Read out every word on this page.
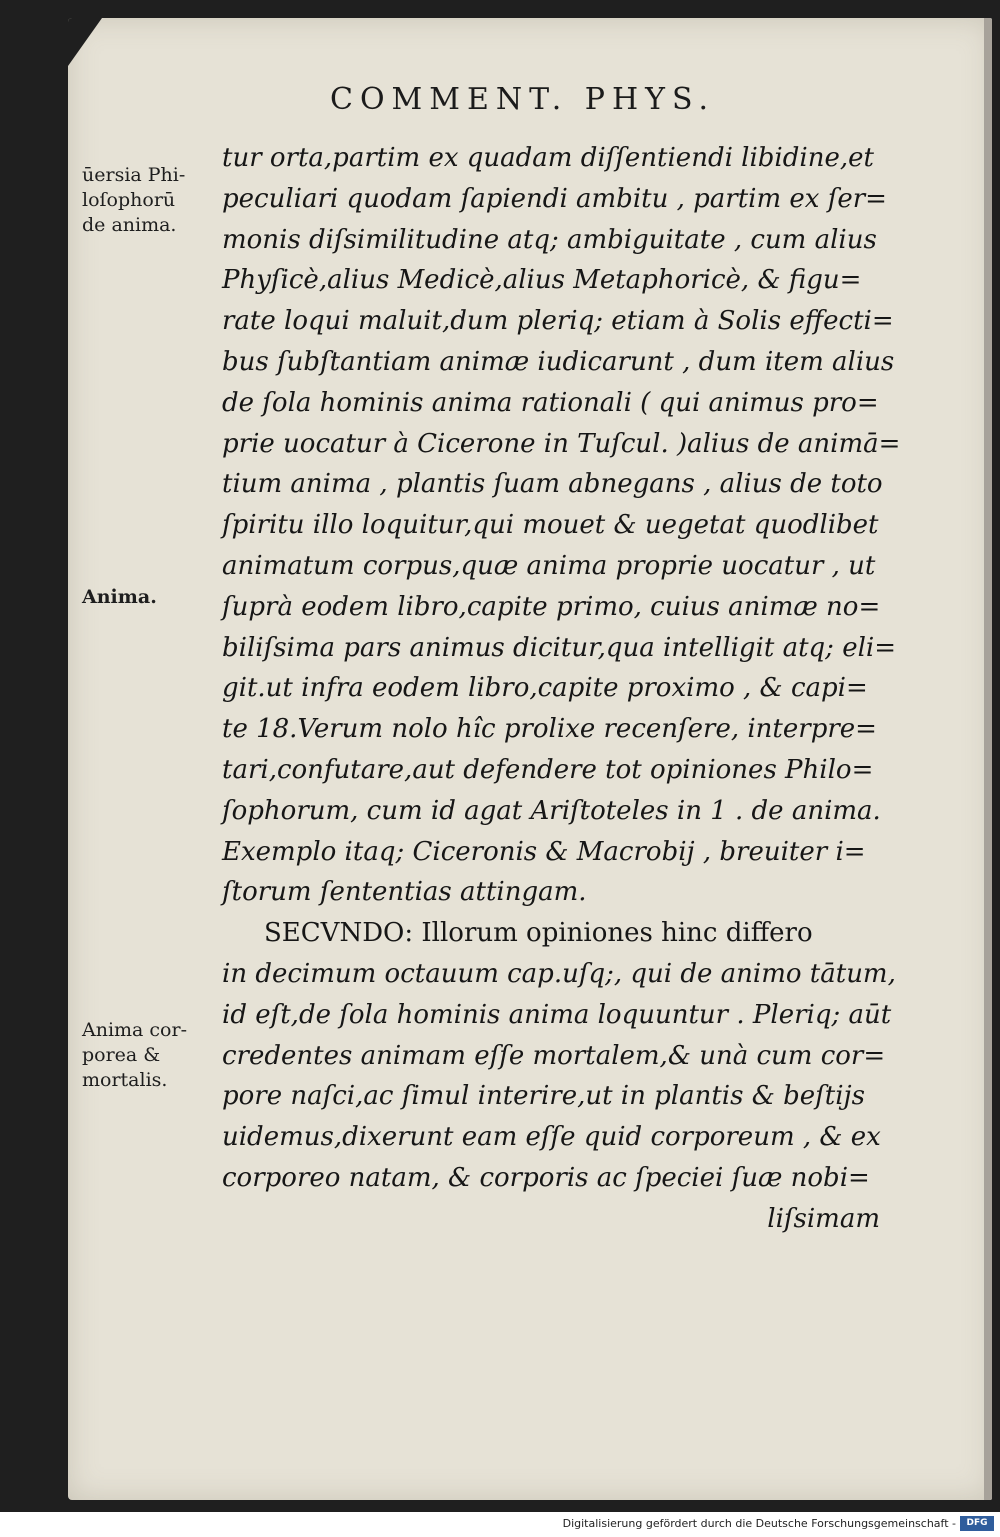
COMMENT. PHYS.
ūersia Phi-
loſophorū
de anima.
Anima.
Anima cor-
porea &
mortalis.
tur orta,partim ex quadam diſſentiendi libidine,et
peculiari quodam ſapiendi ambitu , partim ex ſer=
monis diſsimilitudine atq; ambiguitate , cum alius
Phyſicè,alius Medicè,alius Metaphoricè, & figu=
rate loqui maluit,dum pleriq; etiam à Solis effecti=
bus ſubſtantiam animæ iudicarunt , dum item alius
de ſola hominis anima rationali ( qui animus pro=
prie uocatur à Cicerone in Tuſcul. )alius de animā=
tium anima , plantis ſuam abnegans , alius de toto
ſpiritu illo loquitur,qui mouet & uegetat quodlibet
animatum corpus,quæ anima proprie uocatur , ut
ſuprà eodem libro,capite primo, cuius animæ no=
biliſsima pars animus dicitur,qua intelligit atq; eli=
git.ut infra eodem libro,capite proximo , & capi=
te 18.Verum nolo hîc prolixe recenſere, interpre=
tari,confutare,aut defendere tot opiniones Philo=
ſophorum, cum id agat Ariſtoteles in 1 . de anima.
Exemplo itaq; Ciceronis & Macrobij , breuiter i=
ſtorum ſententias attingam.
SECVNDO: Illorum opiniones hinc differo
in decimum octauum cap.uſq;, qui de animo tātum,
id eſt,de ſola hominis anima loquuntur . Pleriq; aūt
credentes animam eſſe mortalem,& unà cum cor=
pore naſci,ac ſimul interire,ut in plantis & beſtijs
uidemus,dixerunt eam eſſe quid corporeum , & ex
corporeo natam, & corporis ac ſpeciei ſuæ nobi=
liſsimam
Digitalisierung gefördert durch die Deutsche Forschungsgemeinschaft -	DFG
